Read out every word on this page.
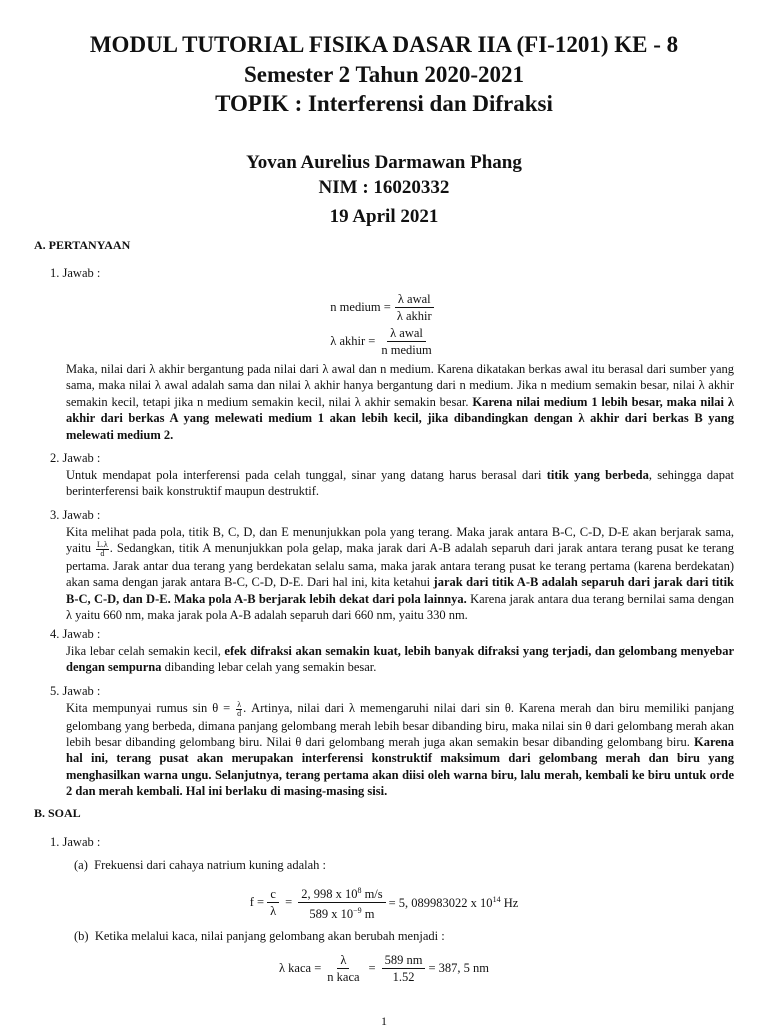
MODUL TUTORIAL FISIKA DASAR IIA (FI-1201) KE - 8
Semester 2 Tahun 2020-2021
TOPIK : Interferensi dan Difraksi
Yovan Aurelius Darmawan Phang
NIM : 16020332
19 April 2021
A. PERTANYAAN
1. Jawab :
n medium = $\frac{\text{λ awal}}{\text{λ akhir}}$
λ akhir = $\frac{\text{λ awal}}{\text{n medium}}$
Maka, nilai dari λ akhir bergantung pada nilai dari λ awal dan n medium. Karena dikatakan berkas awal itu berasal dari sumber yang sama, maka nilai λ awal adalah sama dan nilai λ akhir hanya bergantung dari n medium. Jika n medium semakin besar, nilai λ akhir semakin kecil, tetapi jika n medium semakin kecil, nilai λ akhir semakin besar. Karena nilai medium 1 lebih besar, maka nilai λ akhir dari berkas A yang melewati medium 1 akan lebih kecil, jika dibandingkan dengan λ akhir dari berkas B yang melewati medium 2.
2. Jawab :
Untuk mendapat pola interferensi pada celah tunggal, sinar yang datang harus berasal dari titik yang berbeda, sehingga dapat berinterferensi baik konstruktif maupun destruktif.
3. Jawab :
Kita melihat pada pola, titik B, C, D, dan E menunjukkan pola yang terang. Maka jarak antara B-C, C-D, D-E akan berjarak sama, yaitu $\frac{L.\lambda}{d}$ . Sedangkan, titik A menunjukkan pola gelap, maka jarak dari A-B adalah separuh dari jarak antara terang pusat ke terang pertama. Jarak antar dua terang yang berdekatan selalu sama, maka jarak antara terang pusat ke terang pertama (karena berdekatan) akan sama dengan jarak antara B-C, C-D, D-E. Dari hal ini, kita ketahui jarak dari titik A-B adalah separuh dari jarak dari titik B-C, C-D, dan D-E. Maka pola A-B berjarak lebih dekat dari pola lainnya. Karena jarak antara dua terang bernilai sama dengan λ yaitu 660 nm, maka jarak pola A-B adalah separuh dari 660 nm, yaitu 330 nm.
4. Jawab :
Jika lebar celah semakin kecil, efek difraksi akan semakin kuat, lebih banyak difraksi yang terjadi, dan gelombang menyebar dengan sempurna dibanding lebar celah yang semakin besar.
5. Jawab :
Kita mempunyai rumus $\sin \theta = \frac{\lambda}{d}$ . Artinya, nilai dari λ memengaruhi nilai dari sin θ. Karena merah dan biru memiliki panjang gelombang yang berbeda, dimana panjang gelombang merah lebih besar dibanding biru, maka nilai sin θ dari gelombang merah akan lebih besar dibanding gelombang biru. Nilai θ dari gelombang merah juga akan semakin besar dibanding gelombang biru. Karena hal ini, terang pusat akan merupakan interferensi konstruktif maksimum dari gelombang merah dan biru yang menghasilkan warna ungu. Selanjutnya, terang pertama akan diisi oleh warna biru, lalu merah, kembali ke biru untuk orde 2 dan merah kembali. Hal ini berlaku di masing-masing sisi.
B. SOAL
1. Jawab :
(a) Frekuensi dari cahaya natrium kuning adalah :
$f = \frac{c}{\lambda} = \frac{2, 998 x 10^8 m/s}{589 x 10^{-9} m} = 5$, 089983022 x $10^{14}$ Hz
(b) Ketika melalui kaca, nilai panjang gelombang akan berubah menjadi :
λ kaca = $\frac{\lambda}{\text{n kaca}} = \frac{589 nm}{1.52} = 387$, 5 nm
1
